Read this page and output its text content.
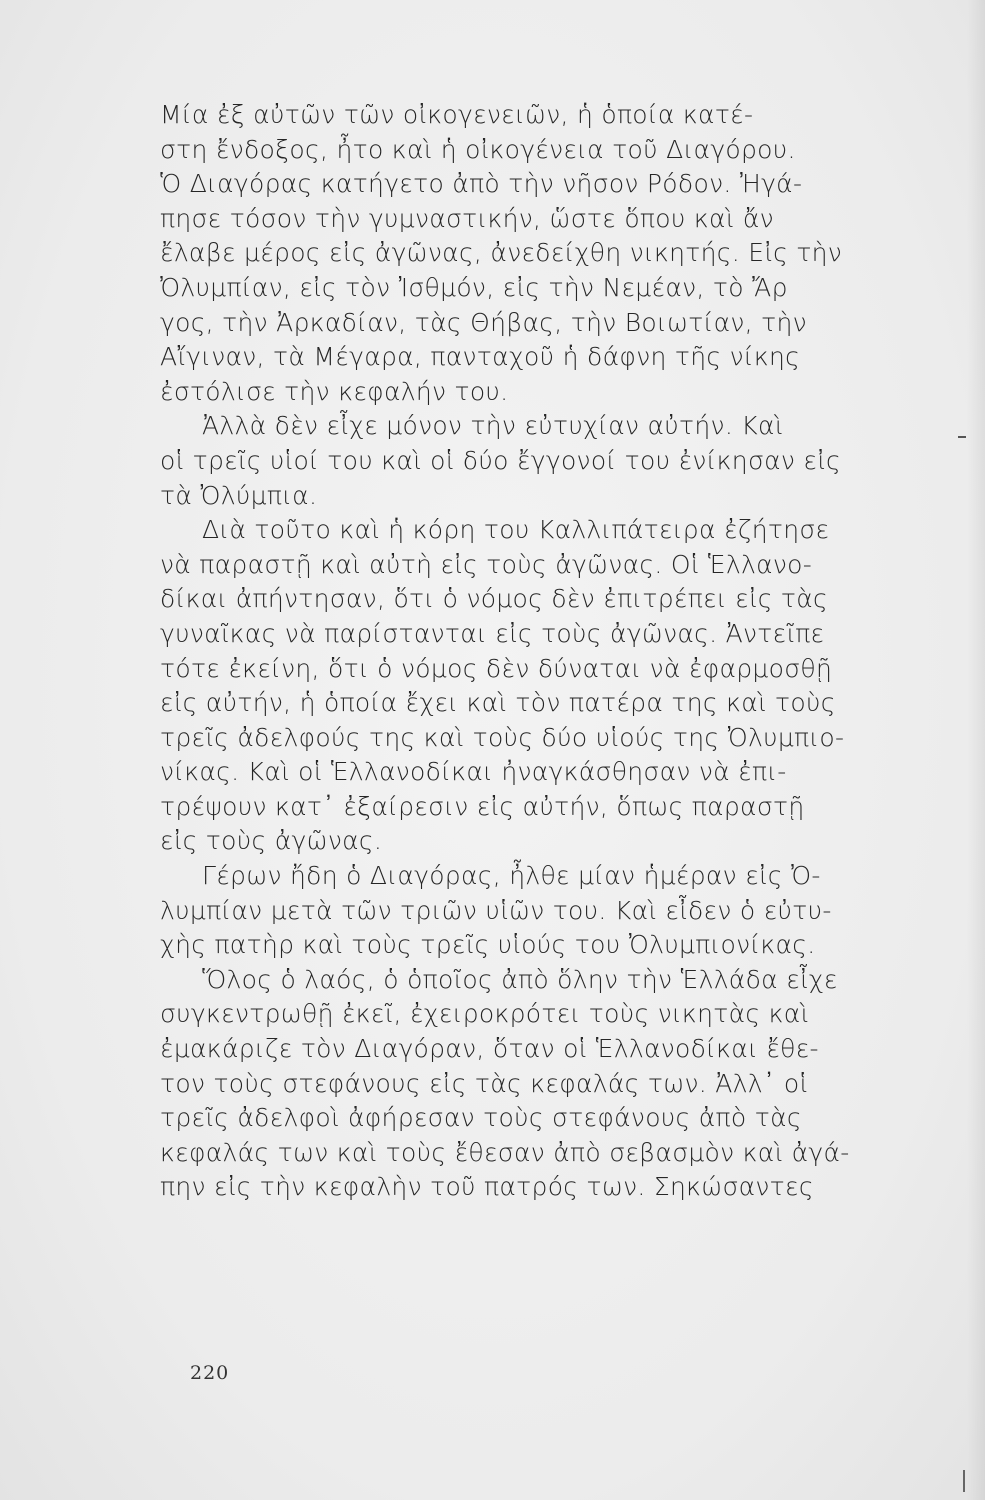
Μία ἐξ αὐτῶν τῶν οἰκογενειῶν, ἡ ὁποία κατέ-
στη ἔνδοξος, ἦτο καὶ ἡ οἰκογένεια τοῦ Διαγόρου.
Ὁ Διαγόρας κατήγετο ἀπὸ τὴν νῆσον Ρόδον. Ἠγά-
πησε τόσον τὴν γυμναστικήν, ὥστε ὅπου καὶ ἄν
ἔλαβε μέρος εἰς ἀγῶνας, ἀνεδείχθη νικητής. Εἰς τὴν
Ὀλυμπίαν, εἰς τὸν Ἰσθμόν, εἰς τὴν Νεμέαν, τὸ Ἄρ
γος, τὴν Ἀρκαδίαν, τὰς Θήβας, τὴν Βοιωτίαν, τὴν
Αἴγιναν, τὰ Μέγαρα, πανταχοῦ ἡ δάφνη τῆς νίκης
ἐστόλισε τὴν κεφαλήν του.
Ἀλλὰ δὲν εἶχε μόνον τὴν εὐτυχίαν αὐτήν. Καὶ
οἱ τρεῖς υἱοί του καὶ οἱ δύο ἔγγονοί του ἐνίκησαν εἰς
τὰ Ὀλύμπια.
Διὰ τοῦτο καὶ ἡ κόρη του Καλλιπάτειρα ἐζήτησε
νὰ παραστῇ καὶ αὐτὴ εἰς τοὺς ἀγῶνας. Οἱ Ἑλλανο-
δίκαι ἀπήντησαν, ὅτι ὁ νόμος δὲν ἐπιτρέπει εἰς τὰς
γυναῖκας νὰ παρίστανται εἰς τοὺς ἀγῶνας. Ἀντεῖπε
τότε ἐκείνη, ὅτι ὁ νόμος δὲν δύναται νὰ ἐφαρμοσθῇ
εἰς αὐτήν, ἡ ὁποία ἔχει καὶ τὸν πατέρα της καὶ τοὺς
τρεῖς ἀδελφούς της καὶ τοὺς δύο υἱούς της Ὀλυμπιο-
νίκας. Καὶ οἱ Ἑλλανοδίκαι ἠναγκάσθησαν νὰ ἐπι-
τρέψουν κατ᾽ ἐξαίρεσιν εἰς αὐτήν, ὅπως παραστῇ
εἰς τοὺς ἀγῶνας.
Γέρων ἤδη ὁ Διαγόρας, ἦλθε μίαν ἡμέραν εἰς Ὀ-
λυμπίαν μετὰ τῶν τριῶν υἱῶν του. Καὶ εἶδεν ὁ εὐτυ-
χὴς πατὴρ καὶ τοὺς τρεῖς υἱούς του Ὀλυμπιονίκας.
Ὅλος ὁ λαός, ὁ ὁποῖος ἀπὸ ὅλην τὴν Ἑλλάδα εἶχε
συγκεντρωθῇ ἐκεῖ, ἐχειροκρότει τοὺς νικητὰς καὶ
ἐμακάριζε τὸν Διαγόραν, ὅταν οἱ Ἑλλανοδίκαι ἔθε-
τον τοὺς στεφάνους εἰς τὰς κεφαλάς των. Ἀλλ᾽ οἱ
τρεῖς ἀδελφοὶ ἀφήρεσαν τοὺς στεφάνους ἀπὸ τὰς
κεφαλάς των καὶ τοὺς ἔθεσαν ἀπὸ σεβασμὸν καὶ ἀγά-
πην εἰς τὴν κεφαλὴν τοῦ πατρός των. Σηκώσαντες
220
